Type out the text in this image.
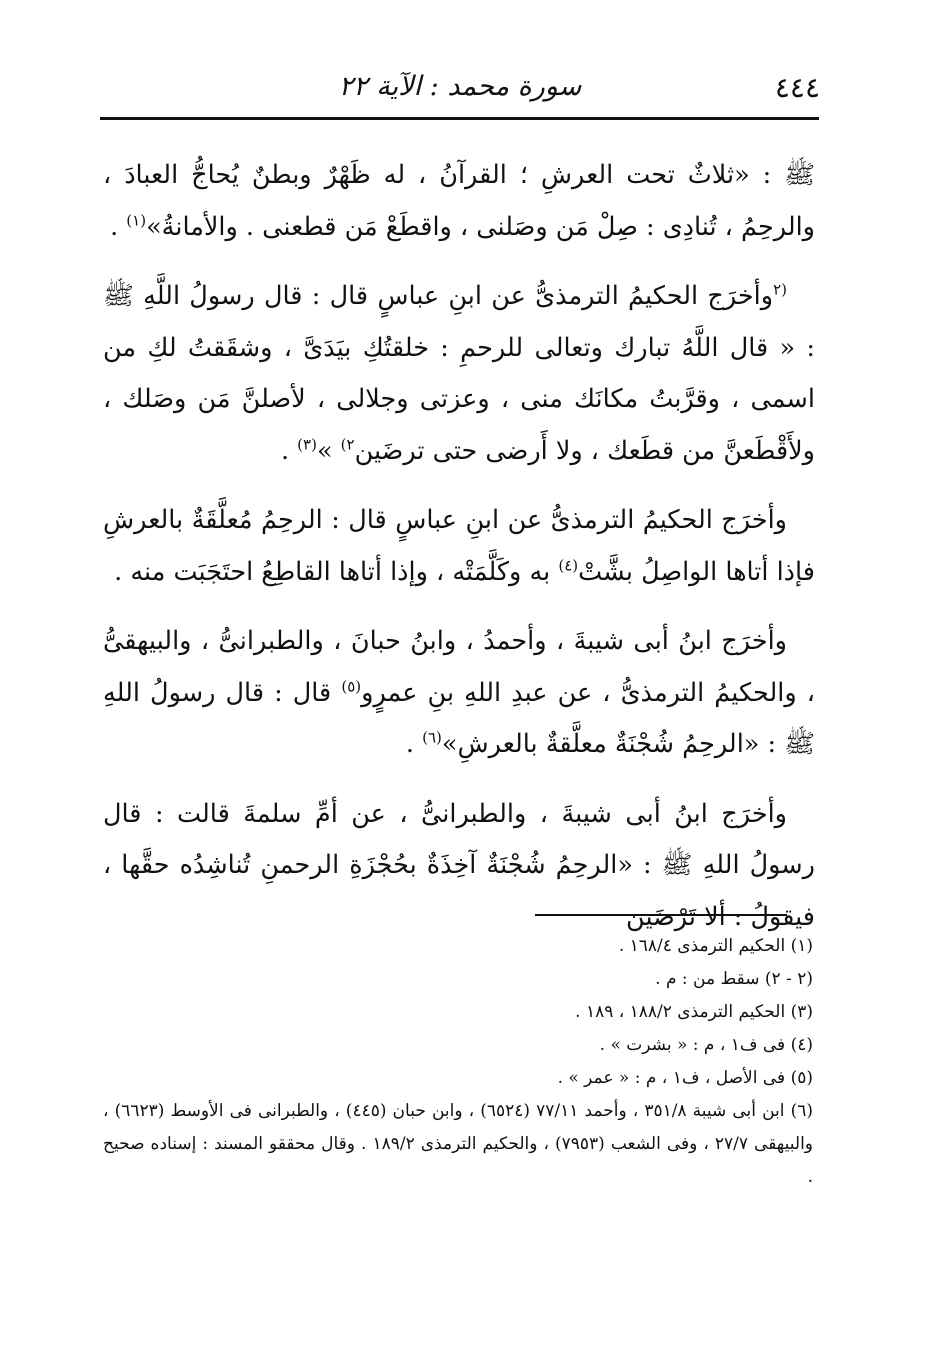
٤٤٤
سورة محمد : الآية ٢٢

ﷺ : «ثلاثٌ تحت العرشِ ؛ القرآنُ ، له ظَهْرٌ وبطنٌ يُحاجُّ العبادَ ، والرحِمُ ، تُنادِى : صِلْ مَن وصَلنى ، واقطَعْ مَن قطعنى . والأمانةُ»$^{(١)}$ .

$^{(٢}$وأخرَج الحكيمُ الترمذىُّ عن ابنِ عباسٍ قال : قال رسولُ اللَّهِ ﷺ : « قال اللَّهُ تبارك وتعالى للرحمِ : خلقتُكِ بيَدَىَّ ، وشقَقتُ لكِ من اسمى ، وقرَّبتُ مكانَك منى ، وعزتى وجلالى ، لأصلنَّ مَن وصَلك ، ولأَقْطَعنَّ من قطَعك ، ولا أَرضى حتى ترضَين$^{٢)}$ »$^{(٣)}$ .

وأخرَج الحكيمُ الترمذىُّ عن ابنِ عباسٍ قال : الرحِمُ مُعلَّقَةٌ بالعرشِ فإذا أتاها الواصِلُ بشَّتْ$^{(٤)}$ به وكَلَّمَتْه ، وإذا أتاها القاطِعُ احتَجَبَت منه .

وأخرَج ابنُ أبى شيبةَ ، وأحمدُ ، وابنُ حبانَ ، والطبرانىُّ ، والبيهقىُّ ، والحكيمُ الترمذىُّ ، عن عبدِ اللهِ بنِ عمرٍو$^{(٥)}$ قال : قال رسولُ اللهِ ﷺ : «الرحِمُ شُجْنَةٌ معلَّقةٌ بالعرشِ»$^{(٦)}$ .

وأخرَج ابنُ أبى شيبةَ ، والطبرانىُّ ، عن أمِّ سلمةَ قالت : قال رسولُ اللهِ ﷺ : «الرحِمُ شُجْنَةٌ آخِذَةٌ بحُجْزَةِ الرحمنِ تُناشِدُه حقَّها ، فيقولُ : ألا تَرْضَين

(١) الحكيم الترمذى ١٦٨/٤ .

(٢ - ٢) سقط من : م .

(٣) الحكيم الترمذى ١٨٨/٢ ، ١٨٩ .

(٤) فى ف١ ، م : « بشرت » .

(٥) فى الأصل ، ف١ ، م : « عمر » .

(٦) ابن أبى شيبة ٣٥١/٨ ، وأحمد ٧٧/١١ (٦٥٢٤) ، وابن حبان (٤٤٥) ، والطبرانى فى الأوسط (٦٦٢٣) ، والبيهقى ٢٧/٧ ، وفى الشعب (٧٩٥٣) ، والحكيم الترمذى ١٨٩/٢ . وقال محققو المسند : إسناده صحيح .
